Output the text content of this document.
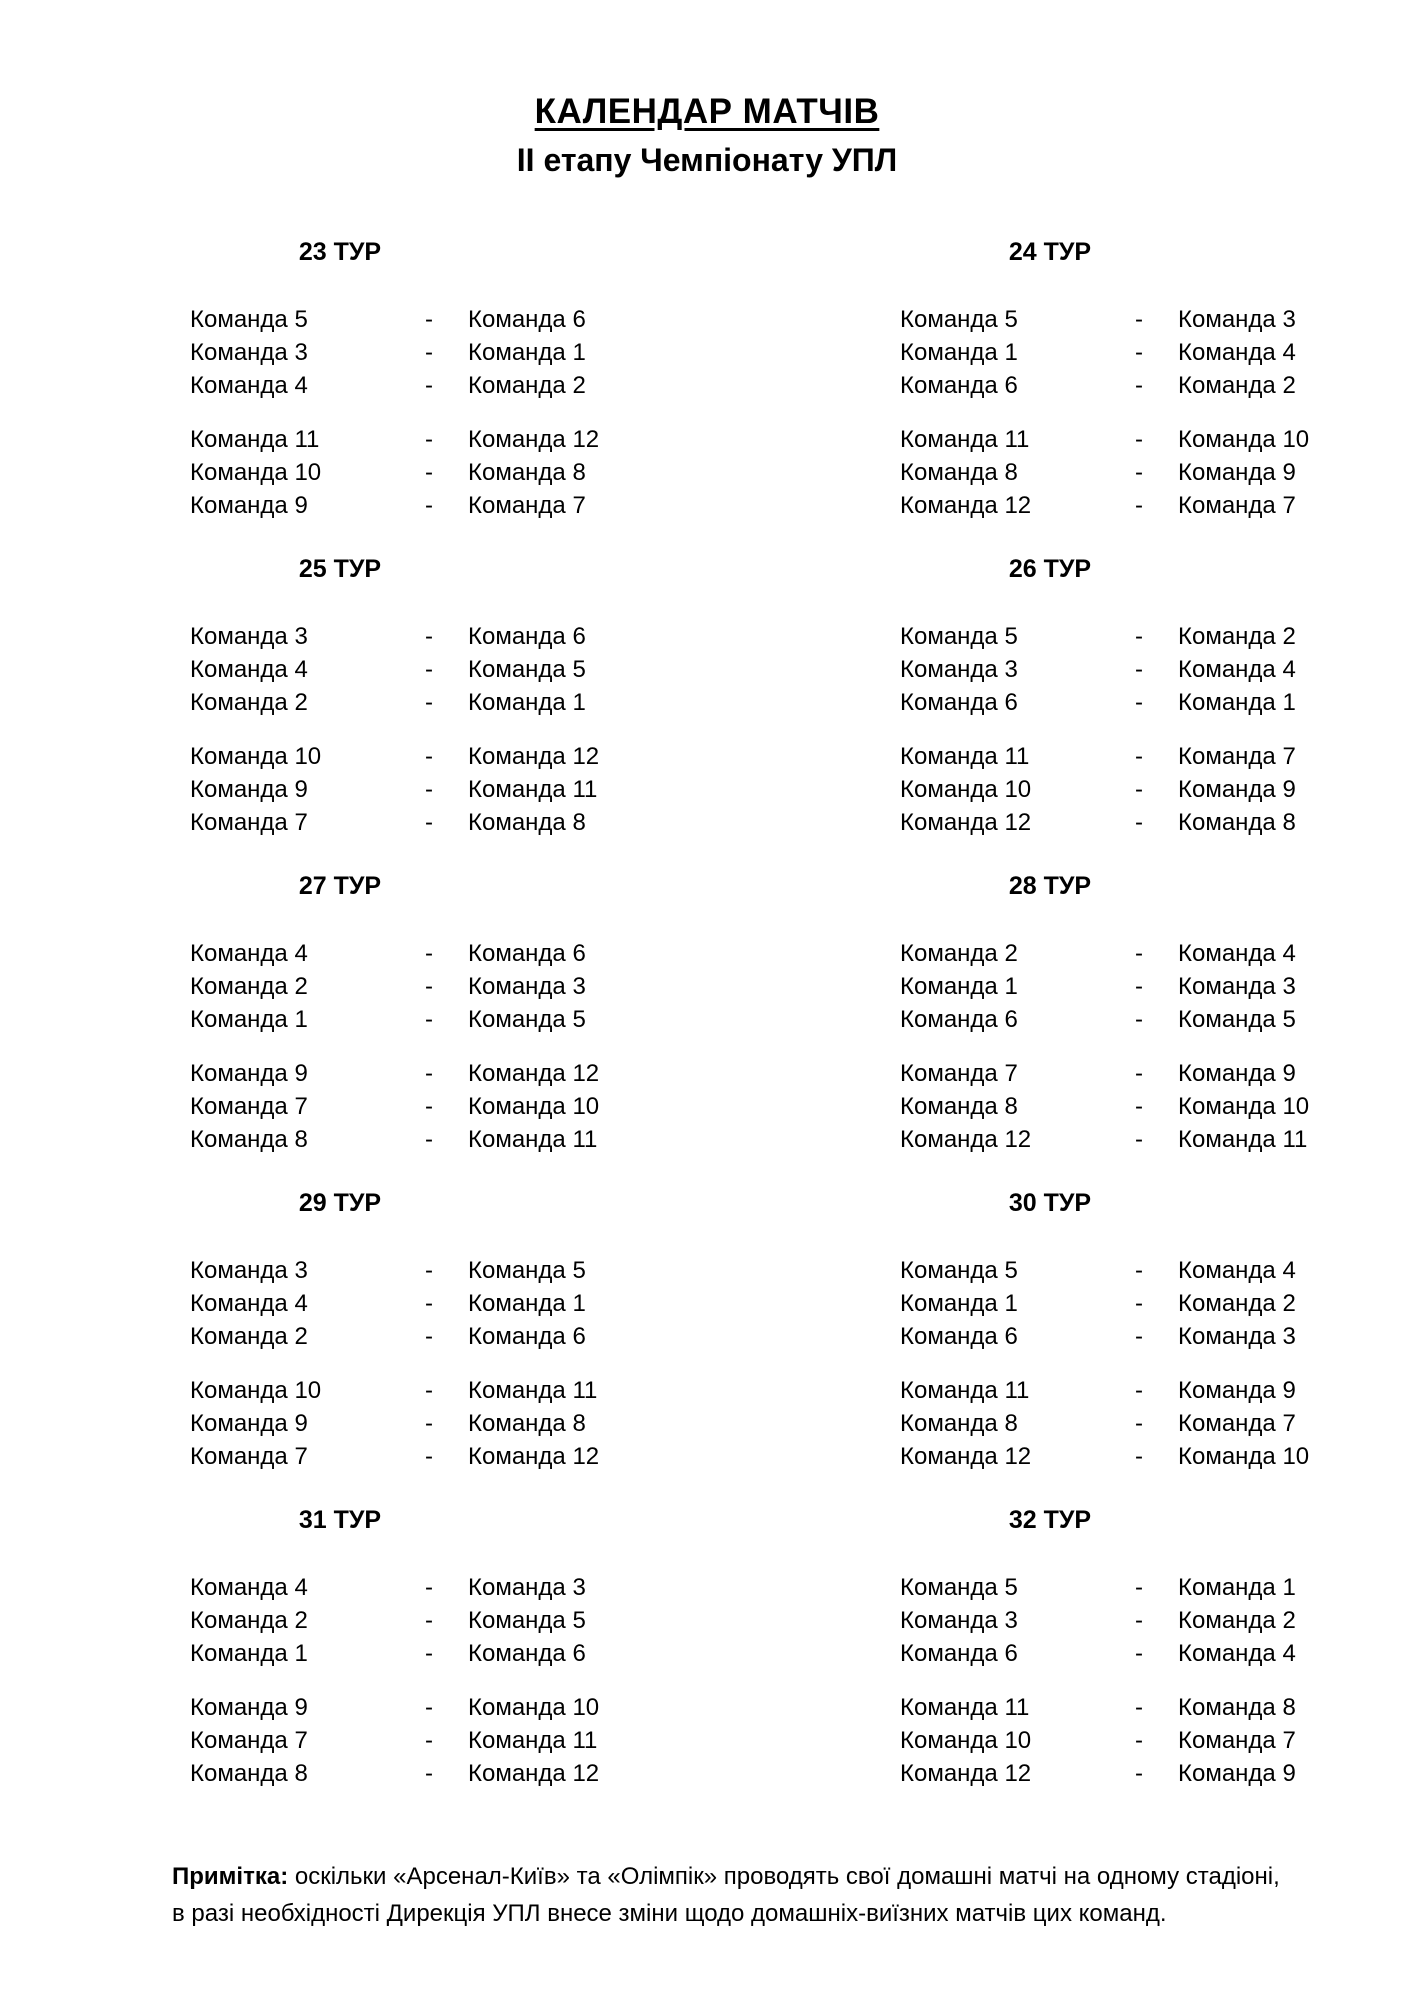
КАЛЕНДАР МАТЧІВ
ІІ етапу Чемпіонату УПЛ
23 ТУР
Команда 5	-	Команда 6
Команда 3	-	Команда 1
Команда 4	-	Команда 2
Команда 11	-	Команда 12
Команда 10	-	Команда 8
Команда 9	-	Команда 7
24 ТУР
Команда 5	-	Команда 3
Команда 1	-	Команда 4
Команда 6	-	Команда 2
Команда 11	-	Команда 10
Команда 8	-	Команда 9
Команда 12	-	Команда 7
25 ТУР
Команда 3	-	Команда 6
Команда 4	-	Команда 5
Команда 2	-	Команда 1
Команда 10	-	Команда 12
Команда 9	-	Команда 11
Команда 7	-	Команда 8
26 ТУР
Команда 5	-	Команда 2
Команда 3	-	Команда 4
Команда 6	-	Команда 1
Команда 11	-	Команда 7
Команда 10	-	Команда 9
Команда 12	-	Команда 8
27 ТУР
Команда 4	-	Команда 6
Команда 2	-	Команда 3
Команда 1	-	Команда 5
Команда 9	-	Команда 12
Команда 7	-	Команда 10
Команда 8	-	Команда 11
28 ТУР
Команда 2	-	Команда 4
Команда 1	-	Команда 3
Команда 6	-	Команда 5
Команда 7	-	Команда 9
Команда 8	-	Команда 10
Команда 12	-	Команда 11
29 ТУР
Команда 3	-	Команда 5
Команда 4	-	Команда 1
Команда 2	-	Команда 6
Команда 10	-	Команда 11
Команда 9	-	Команда 8
Команда 7	-	Команда 12
30 ТУР
Команда 5	-	Команда 4
Команда 1	-	Команда 2
Команда 6	-	Команда 3
Команда 11	-	Команда 9
Команда 8	-	Команда 7
Команда 12	-	Команда 10
31 ТУР
Команда 4	-	Команда 3
Команда 2	-	Команда 5
Команда 1	-	Команда 6
Команда 9	-	Команда 10
Команда 7	-	Команда 11
Команда 8	-	Команда 12
32 ТУР
Команда 5	-	Команда 1
Команда 3	-	Команда 2
Команда 6	-	Команда 4
Команда 11	-	Команда 8
Команда 10	-	Команда 7
Команда 12	-	Команда 9
Примітка: оскільки «Арсенал-Київ» та «Олімпік» проводять свої домашні матчі на одному стадіоні,
в разі необхідності Дирекція УПЛ внесе зміни щодо домашніх-виїзних матчів цих команд.
